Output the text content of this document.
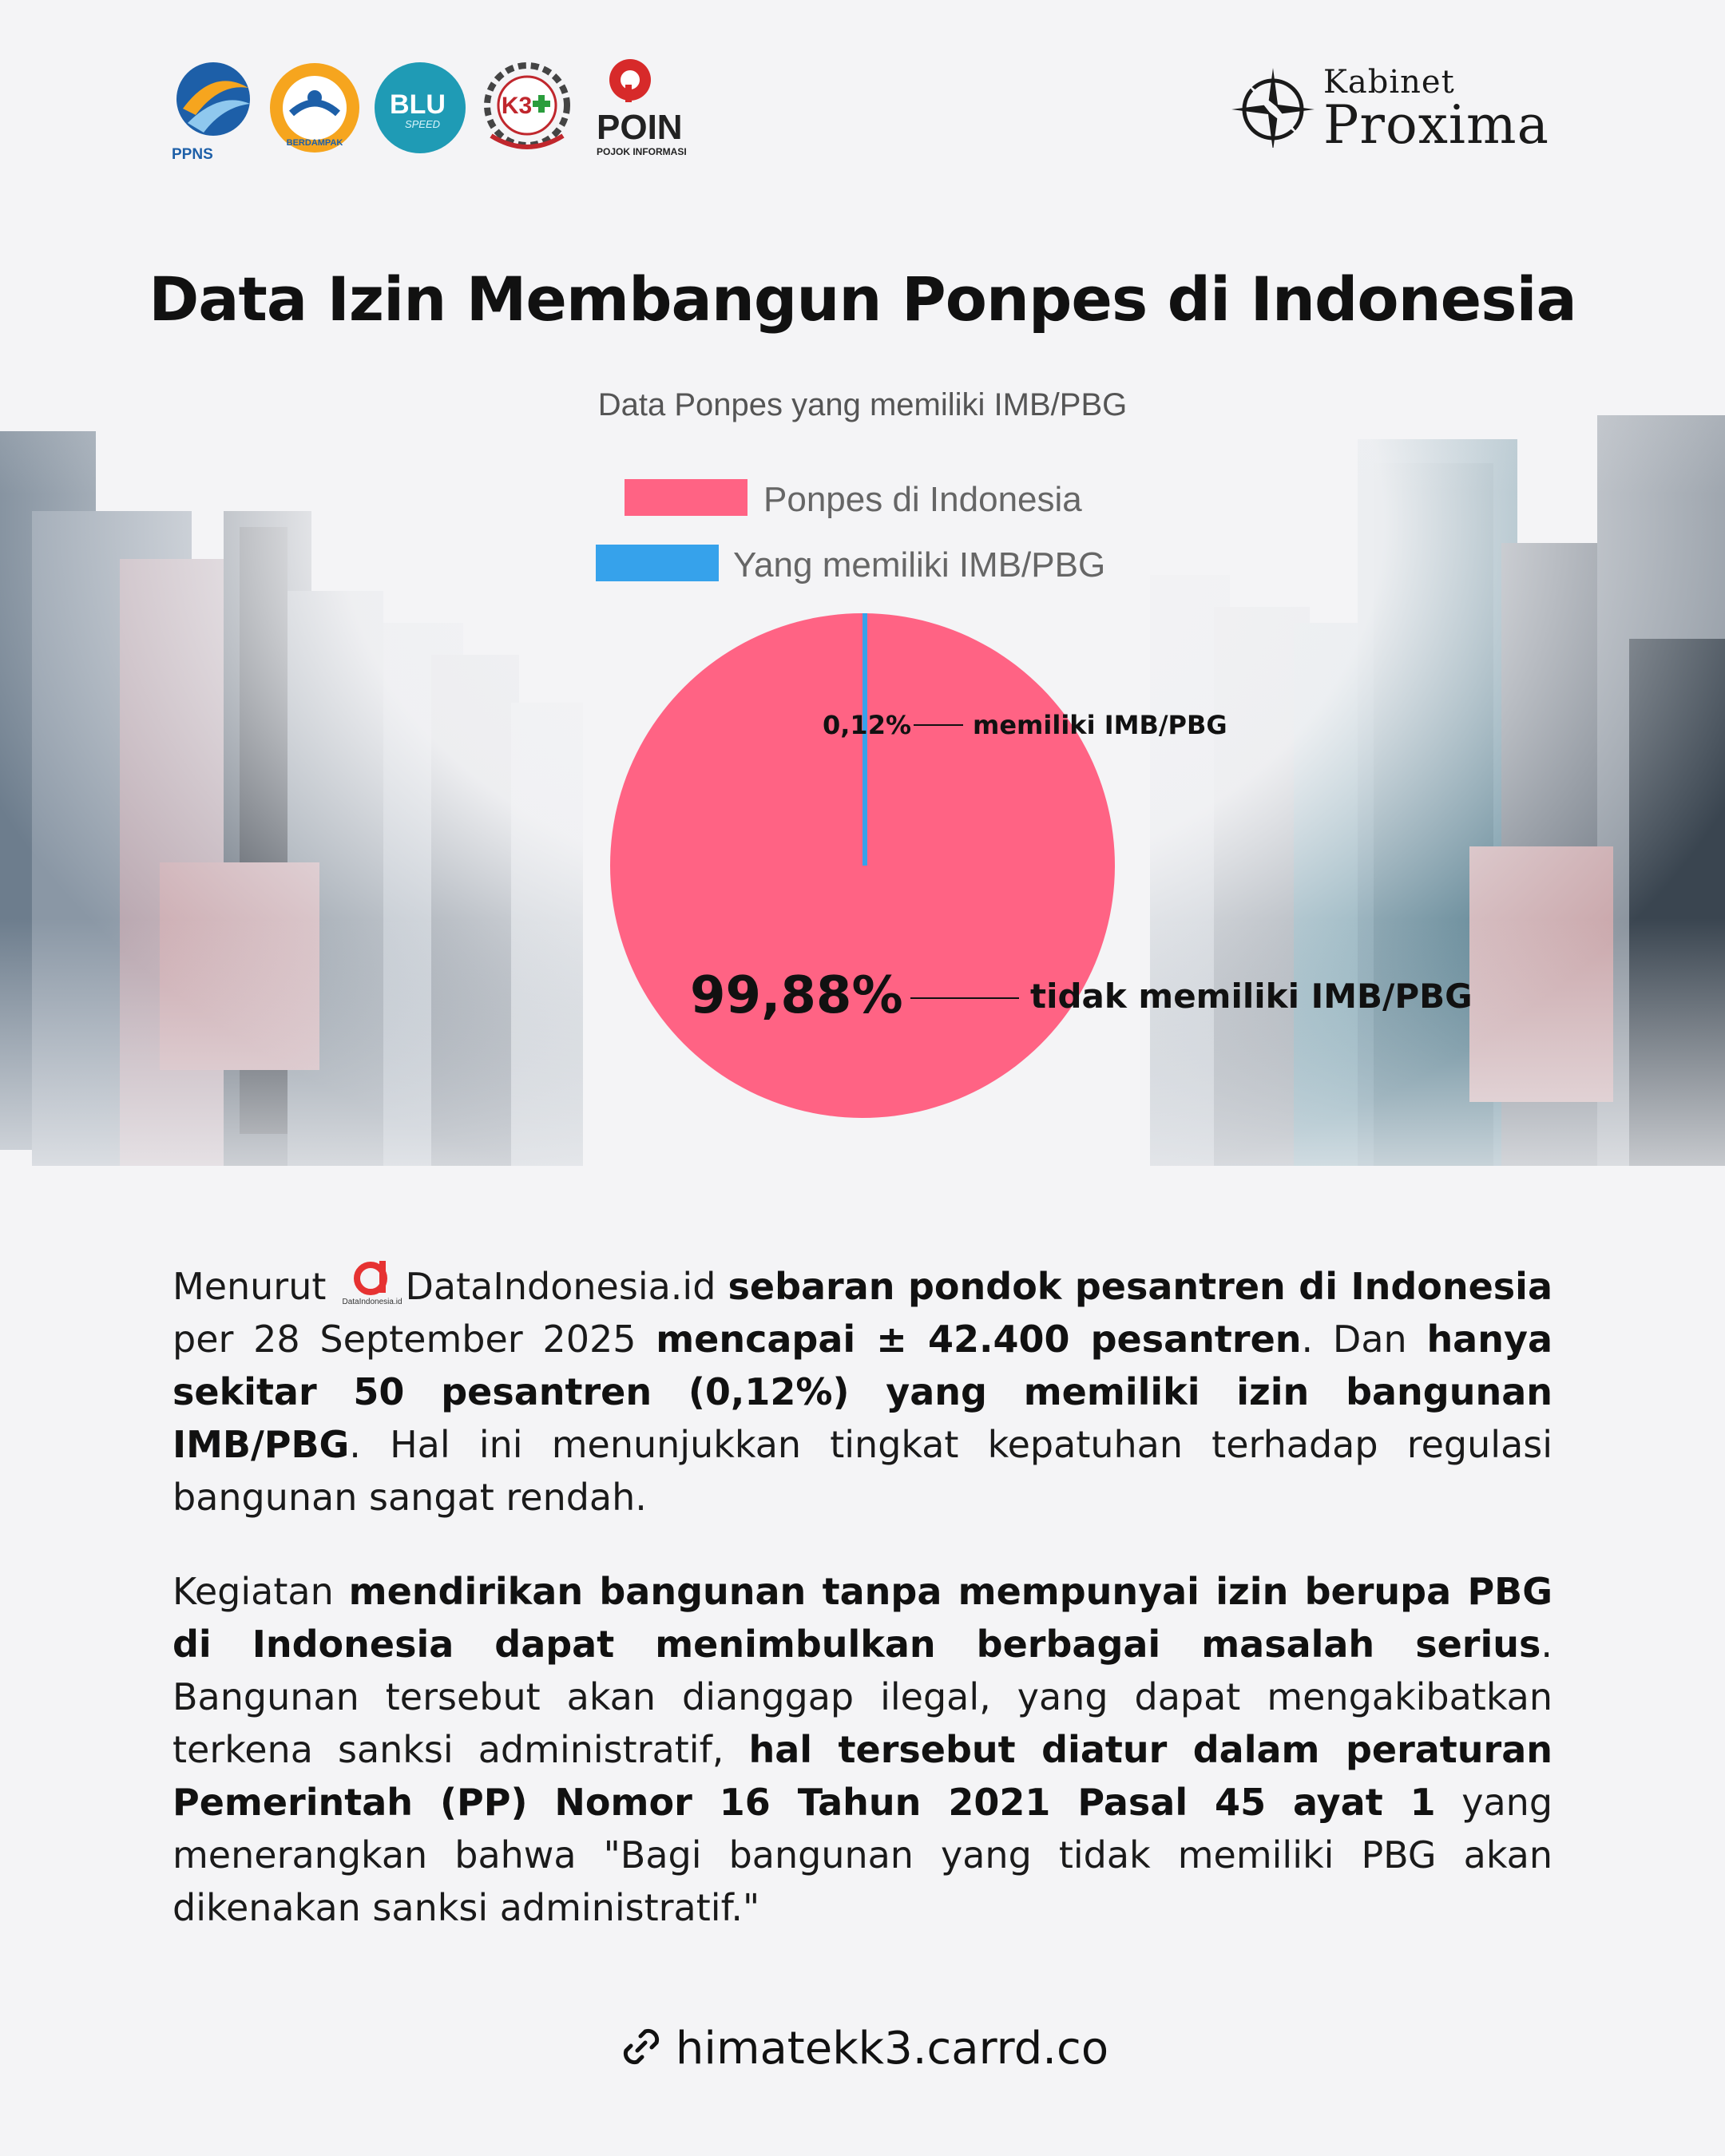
PPNS
BERDAMPAK
BLU
SPEED
K3
POIN
POJOK INFORMASI
Kabinet
Proxima
Data Izin Membangun Ponpes di Indonesia
Data Ponpes yang memiliki IMB/PBG
Ponpes di Indonesia
Yang memiliki IMB/PBG
0,12% memiliki IMB/PBG
99,88%	tidak memiliki IMB/PBG

Menurut DataIndonesia.id DataIndonesia.id sebaran pondok pesantren di Indonesia per 28 September 2025 mencapai ± 42.400 pesantren. Dan hanya sekitar 50 pesantren (0,12%) yang memiliki izin bangunan IMB/PBG. Hal ini menunjukkan tingkat kepatuhan terhadap regulasi bangunan sangat rendah.

Kegiatan mendirikan bangunan tanpa mempunyai izin berupa PBG di Indonesia dapat menimbulkan berbagai masalah serius. Bangunan tersebut akan dianggap ilegal, yang dapat mengakibatkan terkena sanksi administratif, hal tersebut diatur dalam peraturan Pemerintah (PP) Nomor 16 Tahun 2021 Pasal 45 ayat 1 yang menerangkan bahwa "Bagi bangunan yang tidak memiliki PBG akan dikenakan sanksi administratif."

himatekk3.carrd.co
